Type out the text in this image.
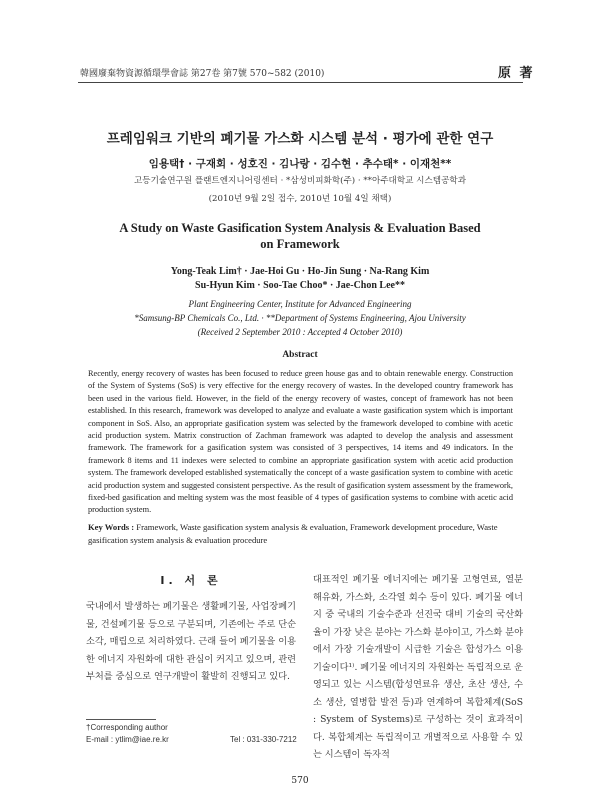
韓國廢棄物資源循環學會誌 第27卷 第7號 570~582 (2010)	原 著
프레임워크 기반의 폐기물 가스화 시스템 분석 · 평가에 관한 연구
임용택† · 구재회 · 성호진 · 김나랑 · 김수현 · 추수태* · 이재천**
고등기술연구원 플랜트엔지니어링센터 · *삼성비피화학(주) · **아주대학교 시스템공학과
(2010년 9월 2일 접수, 2010년 10월 4일 채택)
A Study on Waste Gasification System Analysis & Evaluation Based
on Framework
Yong-Teak Lim† · Jae-Hoi Gu · Ho-Jin Sung · Na-Rang Kim
Su-Hyun Kim · Soo-Tae Choo* · Jae-Chon Lee**
Plant Engineering Center, Institute for Advanced Engineering
*Samsung-BP Chemicals Co., Ltd. · **Department of Systems Engineering, Ajou University
(Received 2 September 2010 : Accepted 4 October 2010)
Abstract
Recently, energy recovery of wastes has been focused to reduce green house gas and to obtain renewable energy. Construction of the System of Systems (SoS) is very effective for the energy recovery of wastes. In the developed country framework has been used in the various field. However, in the field of the energy recovery of wastes, concept of framework has not been established. In this research, framework was developed to analyze and evaluate a waste gasification system which is important component in SoS. Also, an appropriate gasification system was selected by the framework developed to combine with acetic acid production system. Matrix construction of Zachman framework was adapted to develop the analysis and assessment framework. The framework for a gasification system was consisted of 3 perspectives, 14 items and 49 indicators. In the framework 8 items and 11 indexes were selected to combine an appropriate gasification system with acetic acid production system. The framework developed established systematically the concept of a waste gasification system to combine with acetic acid production system and suggested consistent perspective. As the result of gasification system assessment by the framework, fixed-bed gasification and melting system was the most feasible of 4 types of gasification systems to combine with acetic acid production system.
Key Words : Framework, Waste gasification system analysis & evaluation, Framework development procedure, Waste gasification system analysis & evaluation procedure
I. 서 론
국내에서 발생하는 폐기물은 생활폐기물, 사업장폐기물, 건설폐기물 등으로 구분되며, 기존에는 주로 단순 소각, 매립으로 처리하였다. 근래 들어 폐기물을 이용한 에너지 자원화에 대한 관심이 커지고 있으며, 관련 부처를 중심으로 연구개발이 활발히 진행되고 있다.
대표적인 폐기물 에너지에는 폐기물 고형연료, 열분해유화, 가스화, 소각열 회수 등이 있다. 폐기물 에너지 중 국내의 기술수준과 선진국 대비 기술의 국산화율이 가장 낮은 분야는 가스화 분야이고, 가스화 분야에서 가장 기술개발이 시급한 기술은 합성가스 이용기술이다¹⁾. 폐기물 에너지의 자원화는 독립적으로 운영되고 있는 시스템(합성연료유 생산, 초산 생산, 수소 생산, 열병합 발전 등)과 연계하여 복합체계(SoS : System of Systems)로 구성하는 것이 효과적이다. 복합체계는 독립적이고 개별적으로 사용할 수 있는 시스템이 독자적
†Corresponding author
E-mail : ytlim@iae.re.kr	Tel : 031-330-7212
570
